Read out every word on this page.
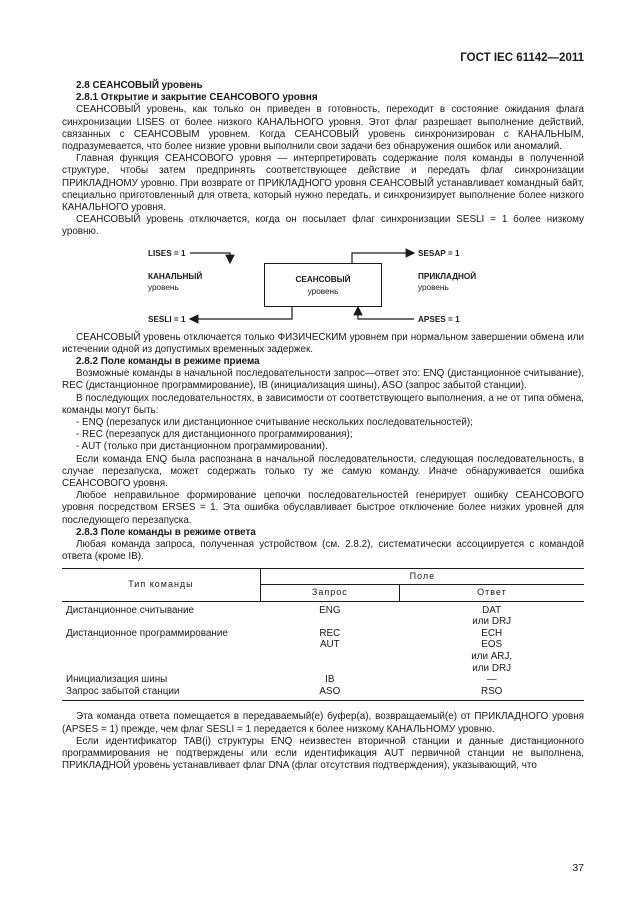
ГОСТ IEC 61142—2011

2.8 СЕАНСОВЫЙ уровень

2.8.1 Открытие и закрытие СЕАНСОВОГО уровня

СЕАНСОВЫЙ уровень, как только он приведен в готовность, переходит в состояние ожидания флага синхронизации LISES от более низкого КАНАЛЬНОГО уровня. Этот флаг разрешает выполнение действий, связанных с СЕАНСОВЫМ уровнем. Когда СЕАНСОВЫЙ уровень синхронизирован с КАНАЛЬНЫМ, подразумевается, что более низкие уровни выполнили свои задачи без обнаружения ошибок или аномалий.

Главная функция СЕАНСОВОГО уровня — интерпретировать содержание поля команды в полученной структуре, чтобы затем предпринять соответствующее действие и передать флаг синхронизации ПРИКЛАДНОМУ уровню. При возврате от ПРИКЛАДНОГО уровня СЕАНСОВЫЙ устанавливает командный байт, специально приготовленный для ответа, который нужно передать, и синхронизирует выполнение более низкого КАНАЛЬНОГО уровня.

СЕАНСОВЫЙ уровень отключается, когда он посылает флаг синхронизации SESLI = 1 более низкому уровню.

LISES = 1	SESAP = 1
SESLI = 1	APSES = 1
КАНАЛЬНЫЙ
уровень
СЕАНСОВЫЙ
уровень
ПРИКЛАДНОЙ
уровень

СЕАНСОВЫЙ уровень отключается только ФИЗИЧЕСКИМ уровнем при нормальном завершении обмена или истечении одной из допустимых временных задержек.

2.8.2 Поле команды в режиме приема

Возможные команды в начальной последовательности запрос—ответ это: ENQ (дистанционное считывание), REC (дистанционное программирование), IB (инициализация шины), ASO (запрос забытой станции).

В последующих последовательностях, в зависимости от соответствующего выполнения, а не от типа обмена, команды могут быть:

- ENQ (перезапуск или дистанционное считывание нескольких последовательностей);

- REC (перезапуск для дистанционного программирования);

- AUT (только при дистанционном программировании).

Если команда ENQ была распознана в начальной последовательности, следующая последовательность, в случае перезапуска, может содержать только ту же самую команду. Иначе обнаруживается ошибка СЕАНСОВОГО уровня.

Любое неправильное формирование цепочки последовательностей генерирует ошибку СЕАНСОВОГО уровня посредством ERSES = 1. Эта ошибка обуславливает быстрое отключение более низких уровней для последующего перезапуска.

2.8.3 Поле команды в режиме ответа

Любая команда запроса, полученная устройством (см. 2.8.2), систематически ассоциируется с командой ответа (кроме IB).

Тип команды	Поле	
	Запрос	Ответ
Дистанционное считывание	ENG	DAT
		или DRJ
Дистанционное программирование	REC	ECH
	AUT	EOS
		или ARJ,
		или DRJ
Инициализация шины	IB	—
Запрос забытой станции	ASO	RSO

Эта команда ответа помещается в передаваемый(е) буфер(а), возвращаемый(е) от ПРИКЛАДНОГО уровня (APSES = 1) прежде, чем флаг SESLI = 1 передается к более низкому КАНАЛЬНОМУ уровню.

Если идентификатор TAB(i) структуры ENQ неизвестен вторичной станции и данные дистанционного программирования не подтверждены или если идентификация AUT первичной станции не выполнена, ПРИКЛАДНОЙ уровень устанавливает флаг DNA (флаг отсутствия подтверждения), указывающий, что

37
